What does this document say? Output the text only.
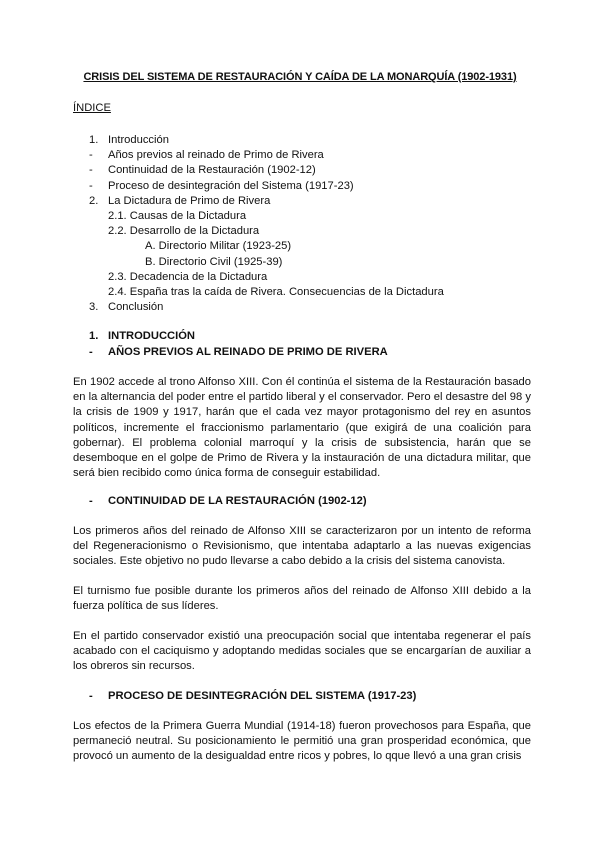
CRISIS DEL SISTEMA DE RESTAURACIÓN Y CAÍDA DE LA MONARQUÍA (1902-1931)
ÍNDICE
1. Introducción
- Años previos al reinado de Primo de Rivera
- Continuidad de la Restauración (1902-12)
- Proceso de desintegración del Sistema (1917-23)
2. La Dictadura de Primo de Rivera
2.1. Causas de la Dictadura
2.2. Desarrollo de la Dictadura
A. Directorio Militar (1923-25)
B. Directorio Civil (1925-39)
2.3. Decadencia de la Dictadura
2.4. España tras la caída de Rivera. Consecuencias de la Dictadura
3. Conclusión
1. INTRODUCCIÓN
- AÑOS PREVIOS AL REINADO DE PRIMO DE RIVERA

En 1902 accede al trono Alfonso XIII. Con él continúa el sistema de la Restauración basado en la alternancia del poder entre el partido liberal y el conservador. Pero el desastre del 98 y la crisis de 1909 y 1917, harán que el cada vez mayor protagonismo del rey en asuntos políticos, incremente el fraccionismo parlamentario (que exigirá de una coalición para gobernar). El problema colonial marroquí y la crisis de subsistencia, harán que se desemboque en el golpe de Primo de Rivera y la instauración de una dictadura militar, que será bien recibido como única forma de conseguir estabilidad.

- CONTINUIDAD DE LA RESTAURACIÓN (1902-12)

Los primeros años del reinado de Alfonso XIII se caracterizaron por un intento de reforma del Regeneracionismo o Revisionismo, que intentaba adaptarlo a las nuevas exigencias sociales. Este objetivo no pudo llevarse a cabo debido a la crisis del sistema canovista.

El turnismo fue posible durante los primeros años del reinado de Alfonso XIII debido a la fuerza política de sus líderes.

En el partido conservador existió una preocupación social que intentaba regenerar el país acabado con el caciquismo y adoptando medidas sociales que se encargarían de auxiliar a los obreros sin recursos.

- PROCESO DE DESINTEGRACIÓN DEL SISTEMA (1917-23)

Los efectos de la Primera Guerra Mundial (1914-18) fueron provechosos para España, que permaneció neutral. Su posicionamiento le permitió una gran prosperidad económica, que provocó un aumento de la desigualdad entre ricos y pobres, lo qque llevó a una gran crisis
